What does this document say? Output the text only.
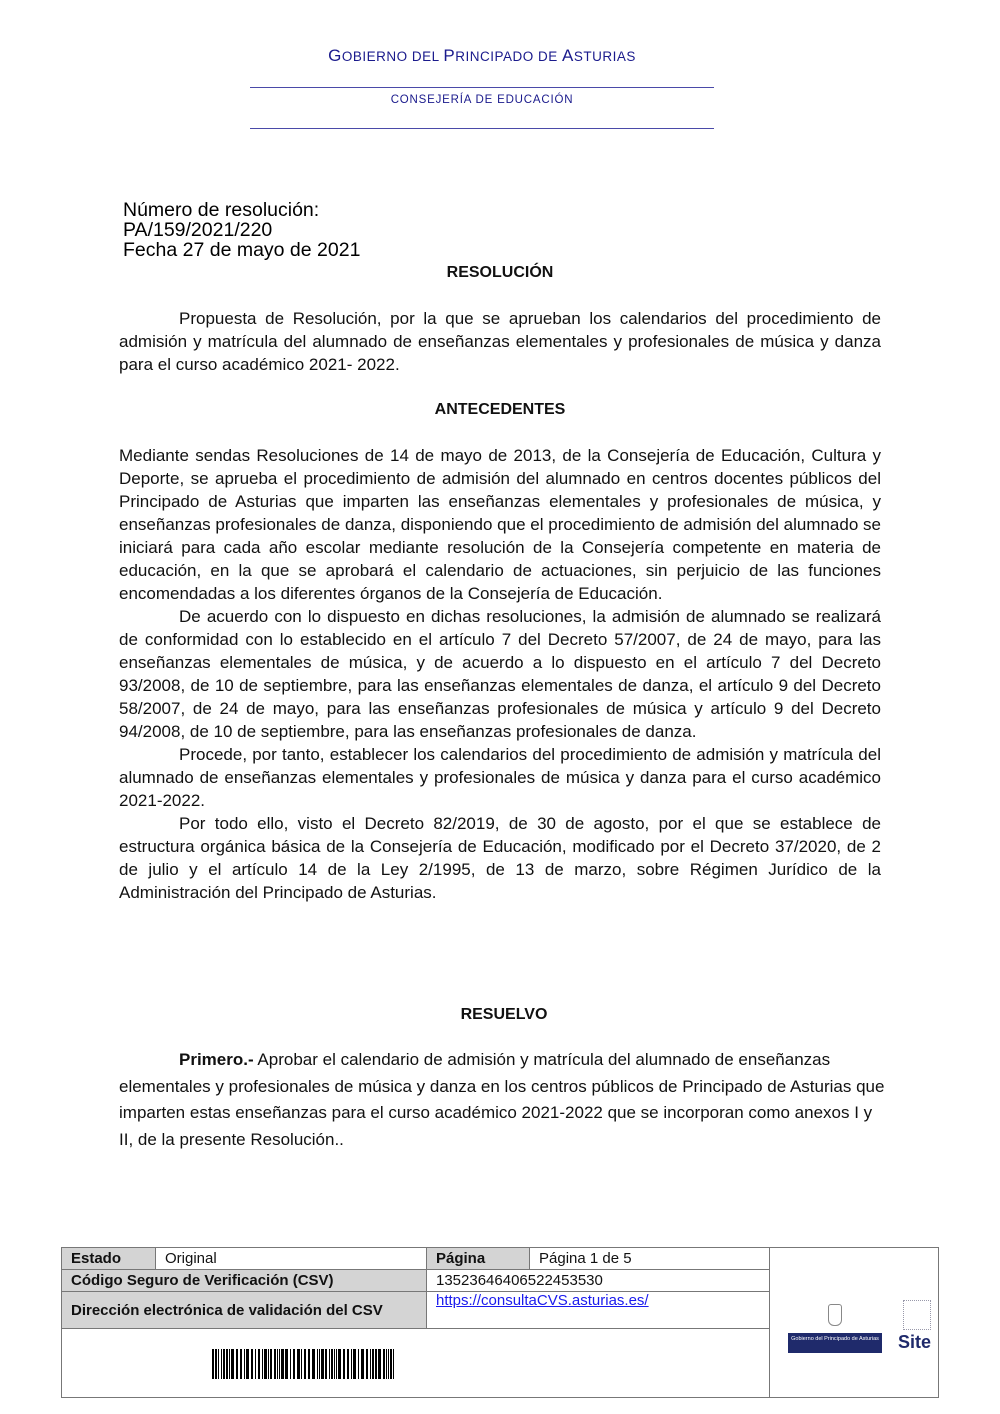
GOBIERNO DEL PRINCIPADO DE ASTURIAS
CONSEJERÍA DE EDUCACIÓN
Número de resolución:
PA/159/2021/220
Fecha 27 de mayo de 2021
RESOLUCIÓN

Propuesta de Resolución, por la que se aprueban los calendarios del procedimiento de admisión y matrícula del alumnado de enseñanzas elementales y profesionales de música y danza para el curso académico 2021- 2022.

ANTECEDENTES

Mediante sendas Resoluciones de 14 de mayo de 2013, de la Consejería de Educación, Cultura y Deporte, se aprueba el procedimiento de admisión del alumnado en centros docentes públicos del Principado de Asturias que imparten las enseñanzas elementales y profesionales de música, y enseñanzas profesionales de danza, disponiendo que el procedimiento de admisión del alumnado se iniciará para cada año escolar mediante resolución de la Consejería competente en materia de educación, en la que se aprobará el calendario de actuaciones, sin perjuicio de las funciones encomendadas a los diferentes órganos de la Consejería de Educación.

De acuerdo con lo dispuesto en dichas resoluciones, la admisión de alumnado se realizará de conformidad con lo establecido en el artículo 7 del Decreto 57/2007, de 24 de mayo, para las enseñanzas elementales de música, y de acuerdo a lo dispuesto en el artículo 7 del Decreto 93/2008, de 10 de septiembre, para las enseñanzas elementales de danza, el artículo 9 del Decreto 58/2007, de 24 de mayo, para las enseñanzas profesionales de música y artículo 9 del Decreto 94/2008, de 10 de septiembre, para las enseñanzas profesionales de danza.

Procede, por tanto, establecer los calendarios del procedimiento de admisión y matrícula del alumnado de enseñanzas elementales y profesionales de música y danza para el curso académico 2021-2022.

Por todo ello, visto el Decreto 82/2019, de 30 de agosto, por el que se establece de estructura orgánica básica de la Consejería de Educación, modificado por el Decreto 37/2020, de 2 de julio y el artículo 14 de la Ley 2/1995, de 13 de marzo, sobre Régimen Jurídico de la Administración del Principado de Asturias.

RESUELVO
Primero.- Aprobar el calendario de admisión y matrícula del alumnado de enseñanzas elementales y profesionales de música y danza en los centros públicos de Principado de Asturias que imparten estas enseñanzas para el curso académico 2021-2022 que se incorporan como anexos I y II, de la presente Resolución..
Estado	Original	Página	Página 1 de 5	Gobierno del Principado de Asturias Site

Código Seguro de Verificación (CSV)		13523646406522453530		
Dirección electrónica de validación del CSV		https://consultaCVS.asturias.es/		
